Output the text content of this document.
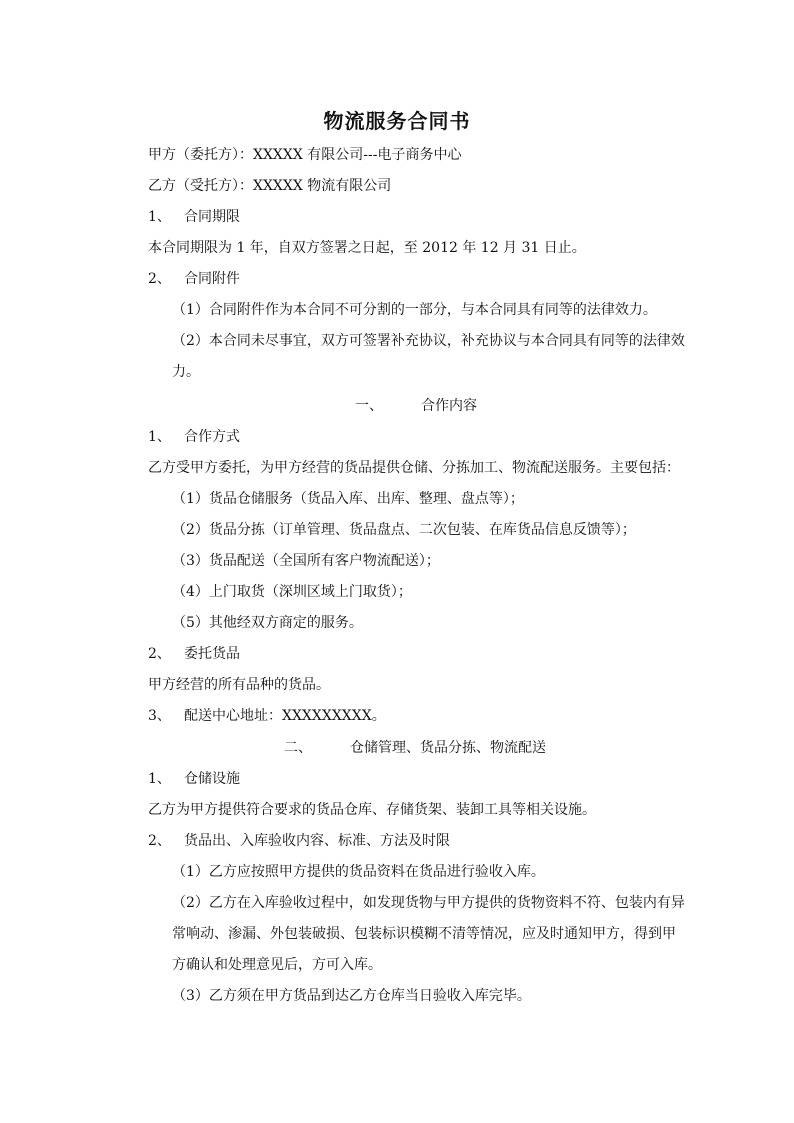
物流服务合同书
甲方（委托方）：XXXXX 有限公司---电子商务中心
乙方（受托方）：XXXXX 物流有限公司
1、 合同期限
本合同期限为 1 年，自双方签署之日起，至 2012 年 12 月 31 日止。
2、 合同附件
（1）合同附件作为本合同不可分割的一部分，与本合同具有同等的法律效力。
（2）本合同未尽事宜，双方可签署补充协议，补充协议与本合同具有同等的法律效
力。
一、	合作内容
1、 合作方式
乙方受甲方委托，为甲方经营的货品提供仓储、分拣加工、物流配送服务。主要包括：
（1）货品仓储服务（货品入库、出库、整理、盘点等）；
（2）货品分拣（订单管理、货品盘点、二次包装、在库货品信息反馈等）；
（3）货品配送（全国所有客户物流配送）；
（4）上门取货（深圳区域上门取货）；
（5）其他经双方商定的服务。
2、 委托货品
甲方经营的所有品种的货品。
3、 配送中心地址：XXXXXXXXX。
二、	仓储管理、货品分拣、物流配送
1、 仓储设施
乙方为甲方提供符合要求的货品仓库、存储货架、装卸工具等相关设施。
2、 货品出、入库验收内容、标准、方法及时限
（1）乙方应按照甲方提供的货品资料在货品进行验收入库。
（2）乙方在入库验收过程中，如发现货物与甲方提供的货物资料不符、包装内有异
常响动、渗漏、外包装破损、包装标识模糊不清等情况，应及时通知甲方，得到甲
方确认和处理意见后，方可入库。
（3）乙方须在甲方货品到达乙方仓库当日验收入库完毕。
